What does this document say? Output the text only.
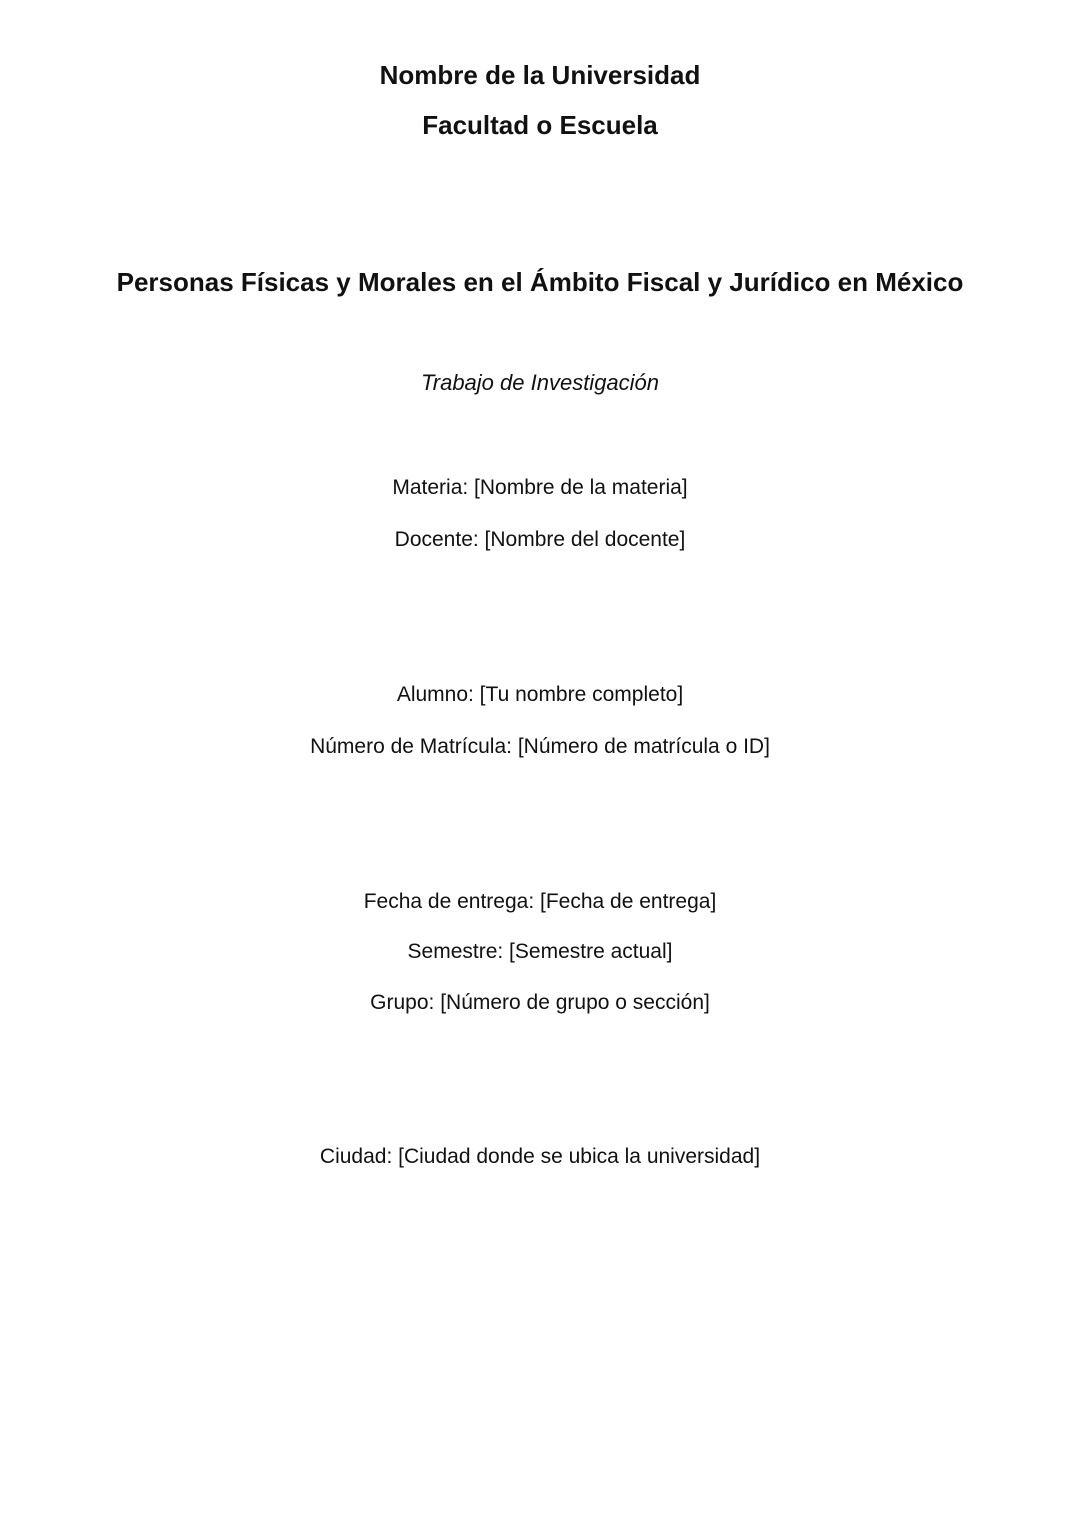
Nombre de la Universidad
Facultad o Escuela
Personas Físicas y Morales en el Ámbito Fiscal y Jurídico en México
Trabajo de Investigación
Materia: [Nombre de la materia]
Docente: [Nombre del docente]
Alumno: [Tu nombre completo]
Número de Matrícula: [Número de matrícula o ID]
Fecha de entrega: [Fecha de entrega]
Semestre: [Semestre actual]
Grupo: [Número de grupo o sección]
Ciudad: [Ciudad donde se ubica la universidad]
